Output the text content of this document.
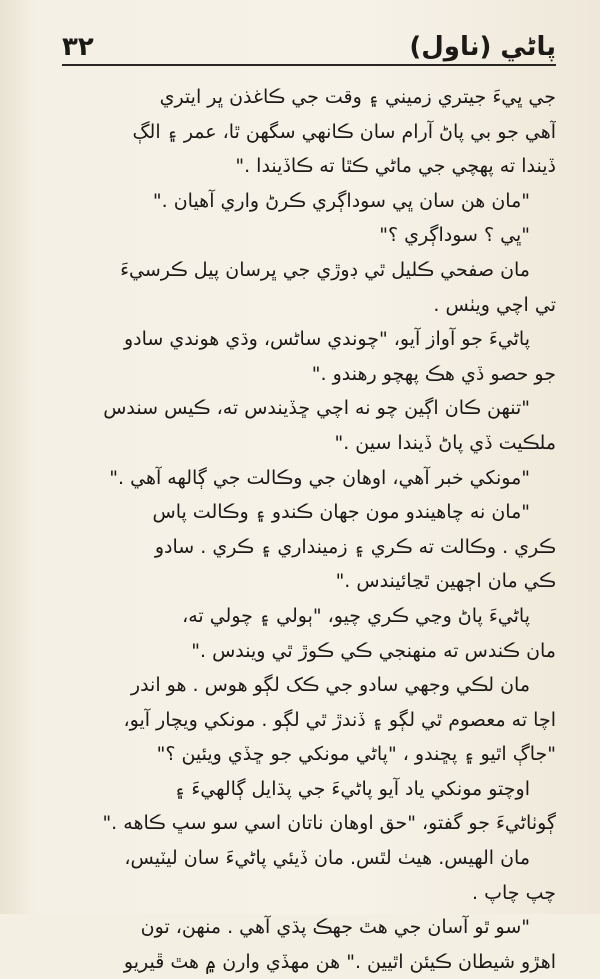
٣٢	پاڻي (ناول)
جي ڀيءَ جيتري زميني ۽ وقت جي ڪاغذن ڀر ايتري
آهي جو بي پاڻ آرام سان ڪانهي سگهن ٿا، عمر ۽ الڳ
ڏيندا ته پهچي جي ماڻي ڪٿا ته ڪاڏيندا ."
"مان هن سان ڀي سوداڳري ڪرڻ واري آهيان ."
"ڀي ؟ سوداڳري ؟"
مان صفحي ڪليل ٿي ڊوڙي جي ڀرسان پيل ڪرسيءَ
تي اچي ويٺس .
پاڻيءَ جو آواز آيو، "چوندي ساڻس، وڌي هوندي سادو
جو حصو ڏي هڪ پهچو رهندو ."
"تنهن ڪان اڳين چو نه اچي ڇڏيندس ته، ڪيس سندس
ملڪيت ڏي پاڻ ڏيندا سين ."
"مونکي خبر آهي، اوهان جي وڪالت جي ڳالهه آهي ."
"مان نه چاهيندو مون جهان ڪندو ۽ وڪالت پاس
ڪري . وڪالت ته ڪري ۽ زمينداري ۽ ڪري . سادو
ڪي مان اڄهين ٿڃائيندس ."
پاڻيءَ پاڻ وڃي ڪري چيو، "ٻولي ۽ چولي ته،
مان ڪندس ته منهنجي ڪي ڪوڙ ٿي ويندس ."
مان لڪي وجهي سادو جي ڪک لڳو هوس . هو اندر
اچا ته معصوم ٿي لڳو ۽ ڏندڙ ٿي لڳو . مونکي ويچار آيو،
"جاڳ اٿيو ۽ پڇندو ، "پاڻي مونکي جو ڇڏي ويئين ؟"
اوچتو مونکي ياد آيو پاڻيءَ جي پڌايل ڳالهيءَ ۽
ڳوٺاڻيءَ جو گفتو، "حق اوهان ناتان اسي سو سڀ ڪاهه ."
مان الهيس. هيٺ لٿس. مان ڏيئي پاڻيءَ سان ليٽيس،
چپ چاپ .
"سو ٿو آسان جي هٿ جهڪ پڌي آهي . منهن، تون
اهڙو شيطان ڪيئن اٿيين ." هن مهڏي وارن ۾ هٿ ڦيريو
